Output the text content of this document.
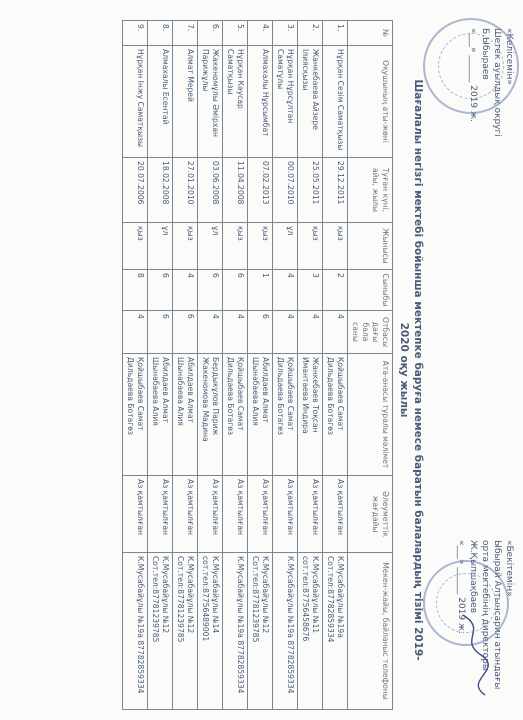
«Келісемін»
Шетек ауылдық округі
Б.Ыбыраев
«___» ______ 2019 ж.
«Бекітемін»
Ыбырай Алтынсарин атындағы
орта мектебінің директоры
Ж.Қыпшақбаев
«___» ______ 2019 ж.
Шағалалы негізгі мектебі бойынша мектепке баруға немесе баратын балалардың тізімі 2019-2020 оқу жылы
№	Оқушының аты-жөні	Туған күні, айы, жылы	Жынысы	Сыныбы	Отбасы дағы бала саны	Ата-анасы туралы мәлімет	Әлеуметтік жағдайы	Мекен-жайы, байланыс телефоны
1.	Нұрқан Сезім Саматқызы	29.12.2011	қыз	2	4	Қойшыбаев Самат Дильдаева Ботагөз	Аз қамтылған	К.Мусабайұлы №19а Сот.тел:87782859334
2.	Жанкебаева Айзере Ілиясқызы	25.05.2011	қыз	3	4	Жанкебаев Тоқсан Имантаева Индира	Аз қамтылған	К.Мусабайұлы №11 сот.тел:87756458676
3.	Нұрқан Нұрсұлтан Саматұлы	00.07.2010	ұл	4	4	Қойшыбаев Самат Дильдаева Ботагөз	Аз қамтылған	К.Мусабайұлы №19а 87782859334
4.	Алмахалы Нұрсымбат	07.02.2013	қыз	1	6	Абилдаев Алмат Шынабаева Алия	Аз қамтылған	К.Мусабайұлы №12 Сот.тел:87781239785
5.	Нұрқан Кәусар Саматқызы	11.04.2008	қыз	6	4	Қойшыбаев Самат Дильдаева Ботагөз	Аз қамтылған	К.Мусабайұлы №19а 87782859334
6.	Жакеномұлы Әмірхан Парижұлы	03.06.2008	ұл	6	4	Бердыкұлов Париж Жакеномова Мадина	Аз қамтылған	К.Мусабайұлы №14 сот.тел:87756489001
7.	Алмат Мерей	27.01.2010	қыз	4	6	Абилдаев Алмат Шынабаева Алия	Аз қамтылған	К.Мусабайұлы №12 Сот.тел:87781239785
8.	Алмахалы Есентай	18.02.2008	ұл	6	6	Абилдаев Алмат Шынабаева Алия	Аз қамтылған	К.Мусабайұлы №12 Сот.тел:87781239785
9.	Нұрқан Інжу Саматқызы	20.07.2006	қыз	8	4	Қойшыбаев Самат Дильдаева Ботагөз	Аз қамтылған	К.Мусабайұлы №19а 87782859334
